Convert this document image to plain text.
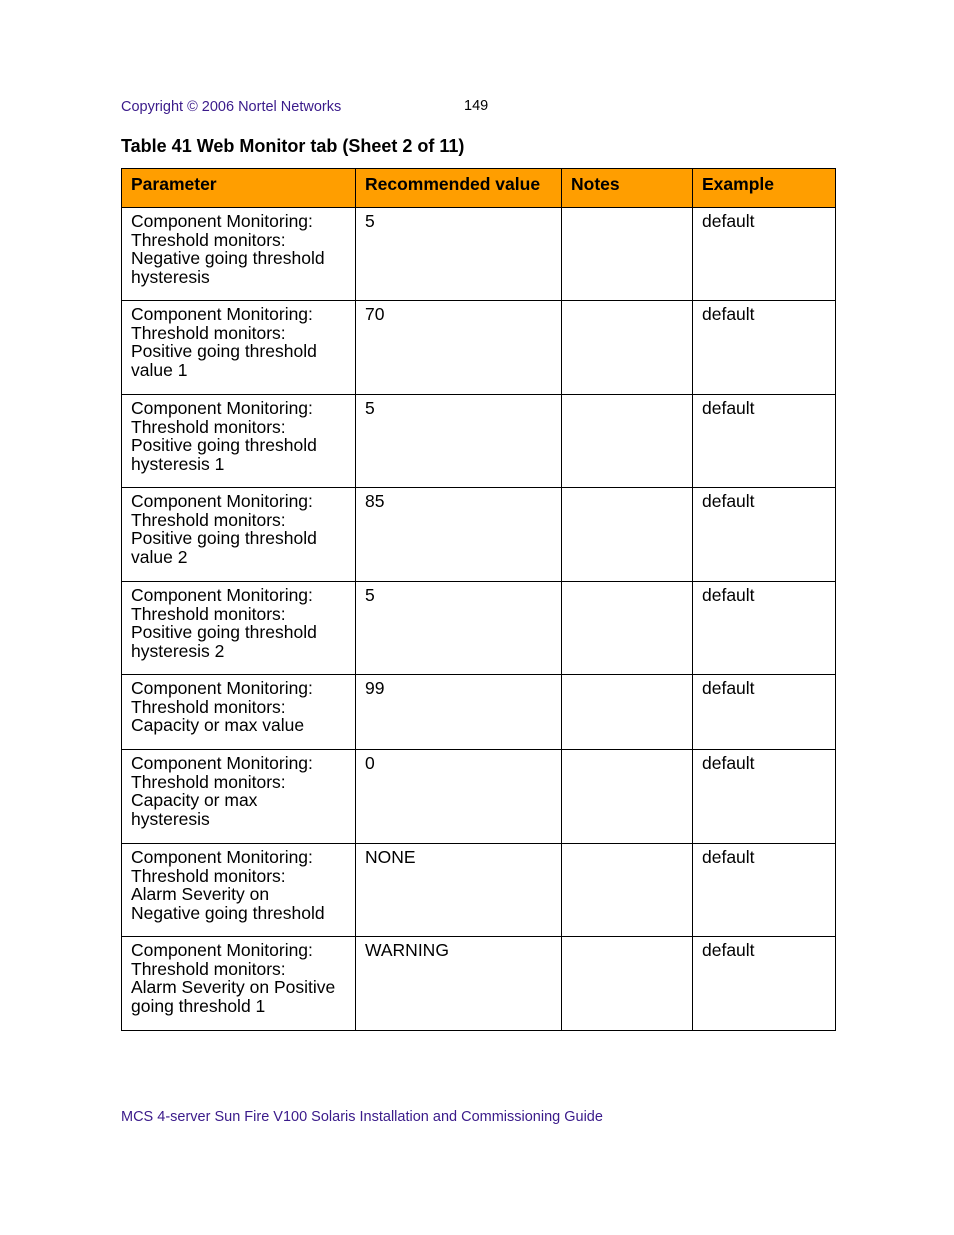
Copyright © 2006 Nortel Networks	149
Table 41 Web Monitor tab (Sheet 2 of 11)
Parameter	Recommended value	Notes	Example
Component Monitoring:
Threshold monitors:
Negative going threshold
hysteresis	5		default
Component Monitoring:
Threshold monitors:
Positive going threshold
value 1	70		default
Component Monitoring:
Threshold monitors:
Positive going threshold
hysteresis 1	5		default
Component Monitoring:
Threshold monitors:
Positive going threshold
value 2	85		default
Component Monitoring:
Threshold monitors:
Positive going threshold
hysteresis 2	5		default
Component Monitoring:
Threshold monitors:
Capacity or max value	99		default
Component Monitoring:
Threshold monitors:
Capacity or max
hysteresis	0		default
Component Monitoring:
Threshold monitors:
Alarm Severity on
Negative going threshold	NONE		default
Component Monitoring:
Threshold monitors:
Alarm Severity on Positive
going threshold 1	WARNING		default
MCS 4-server Sun Fire V100 Solaris Installation and Commissioning Guide
